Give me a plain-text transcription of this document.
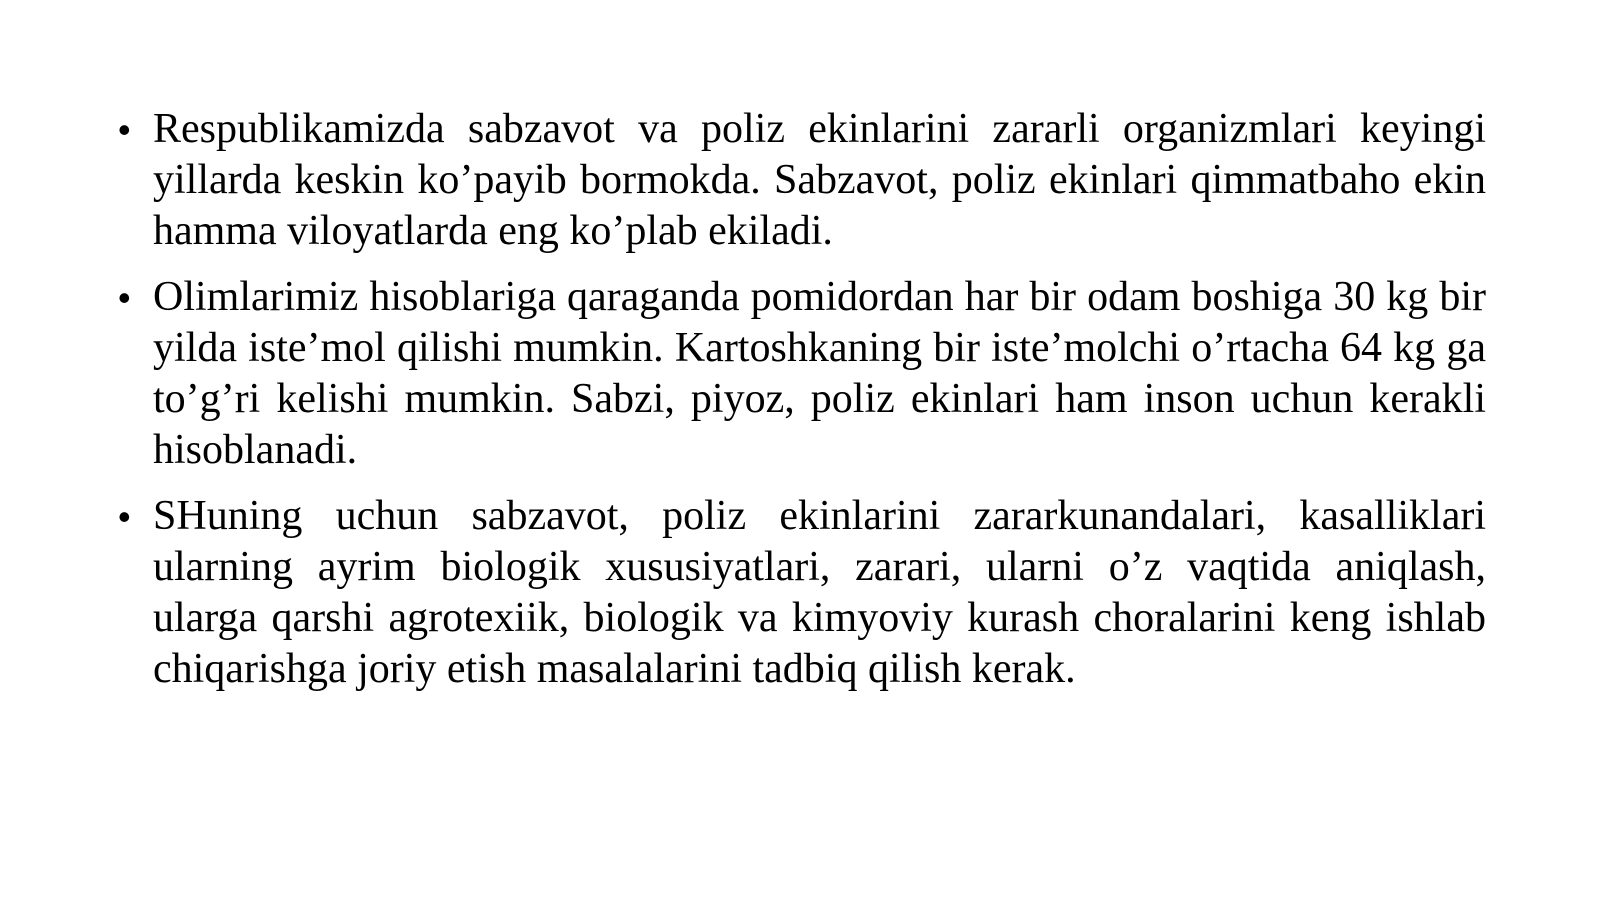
• Respublikamizda sabzavot va poliz ekinlarini zararli organizmlari keyingi yillarda keskin ko’payib bormokda. Sabzavot, poliz ekinlari qimmatbaho ekin hamma viloyatlarda eng ko’plab ekiladi.
• Olimlarimiz hisoblariga qaraganda pomidordan har bir odam boshiga 30 kg bir yilda iste’mol qilishi mumkin. Kartoshkaning bir iste’molchi o’rtacha 64 kg ga to’g’ri kelishi mumkin. Sabzi, piyoz, poliz ekinlari ham inson uchun kerakli hisoblanadi.
• SHuning uchun sabzavot, poliz ekinlarini zararkunandalari, kasalliklari ularning ayrim biologik xususiyatlari, zarari, ularni o’z vaqtida aniqlash, ularga qarshi agrotexiik, biologik va kimyoviy kurash choralarini keng ishlab chiqarishga joriy etish masalalarini tadbiq qilish kerak.
